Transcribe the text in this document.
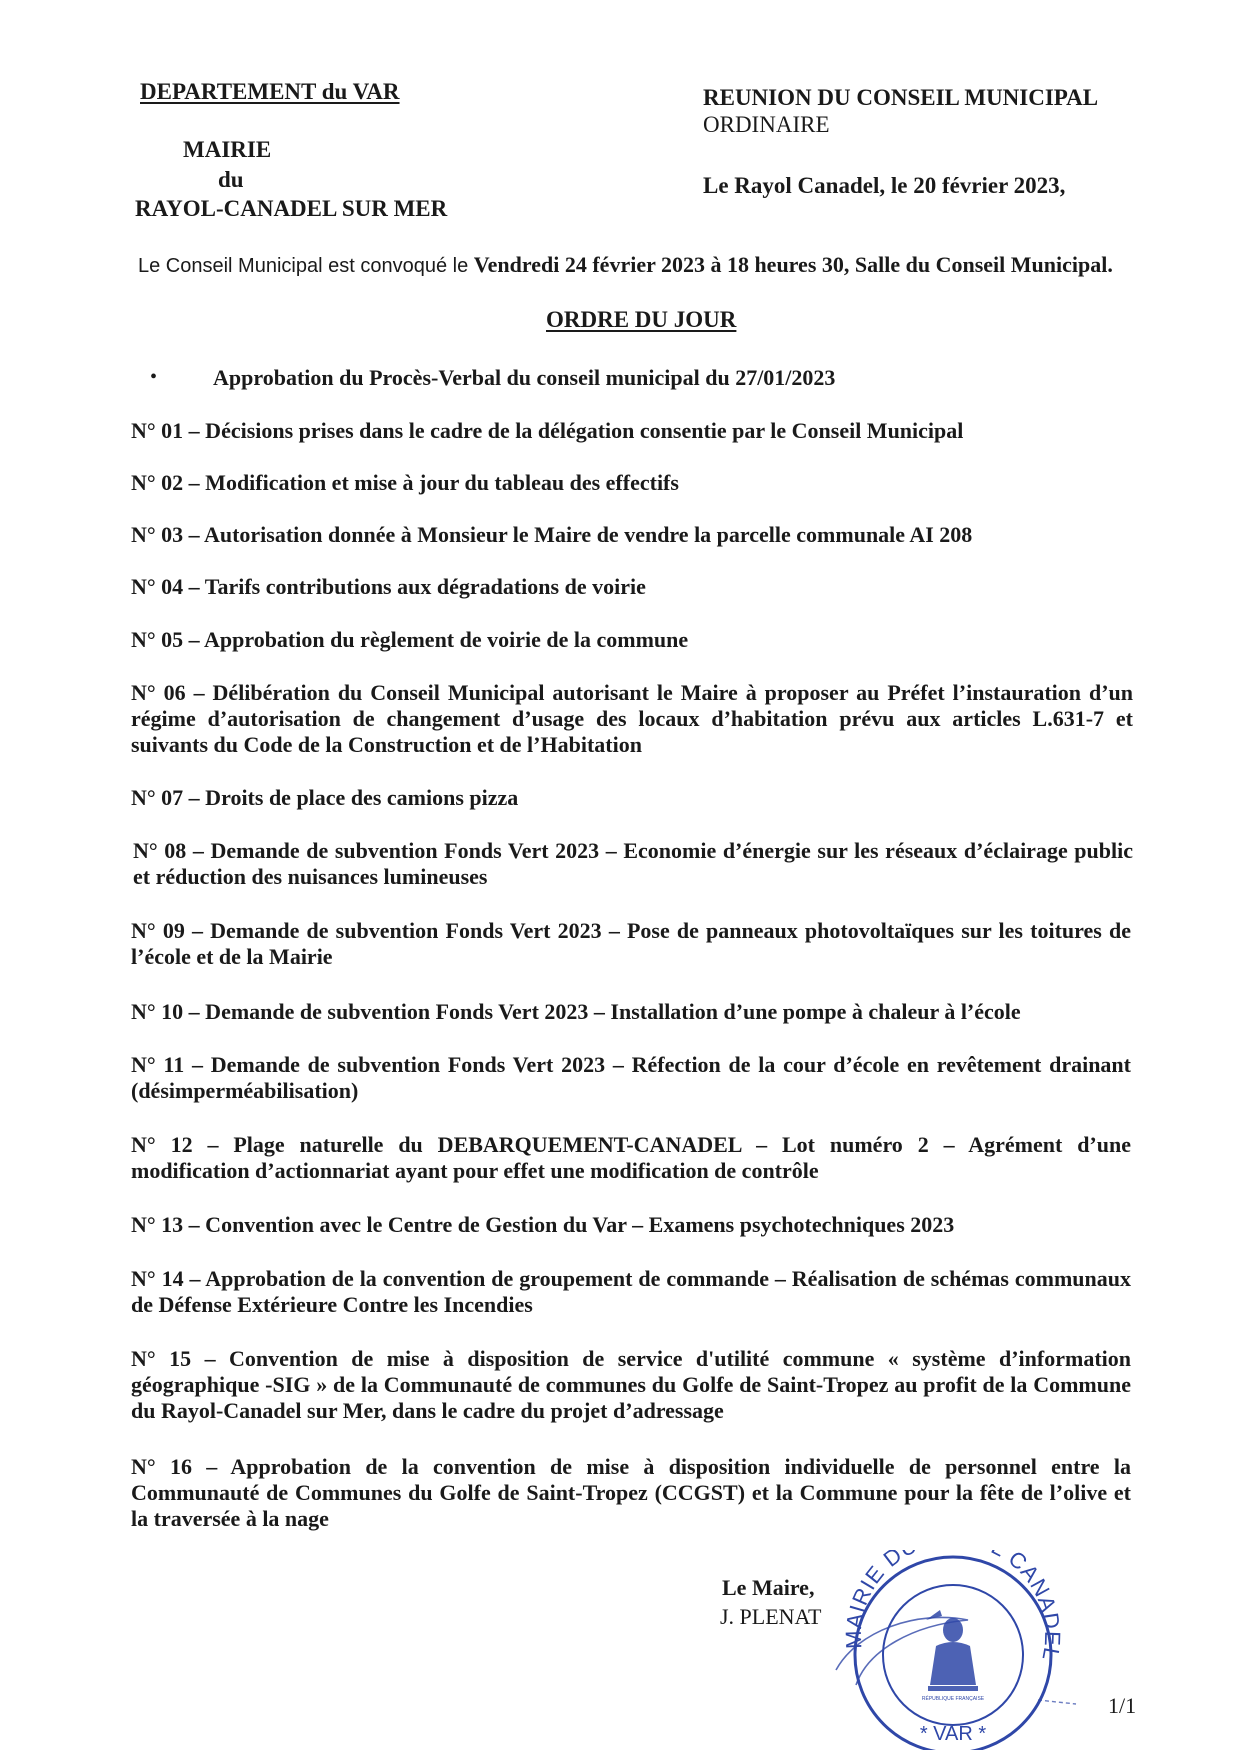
DEPARTEMENT du VAR
MAIRIE
du
RAYOL-CANADEL SUR MER
REUNION DU CONSEIL MUNICIPAL
ORDINAIRE
Le Rayol Canadel, le 20 février 2023,
Le Conseil Municipal est convoqué le Vendredi 24 février 2023 à 18 heures 30, Salle du Conseil Municipal.
ORDRE DU JOUR
•	Approbation du Procès-Verbal du conseil municipal du 27/01/2023
N° 01 – Décisions prises dans le cadre de la délégation consentie par le Conseil Municipal
N° 02 – Modification et mise à jour du tableau des effectifs
N° 03 – Autorisation donnée à Monsieur le Maire de vendre la parcelle communale AI 208
N° 04 – Tarifs contributions aux dégradations de voirie
N° 05 – Approbation du règlement de voirie de la commune
N° 06 – Délibération du Conseil Municipal autorisant le Maire à proposer au Préfet l’instauration d’un régime d’autorisation de changement d’usage des locaux d’habitation prévu aux articles L.631-7 et suivants du Code de la Construction et de l’Habitation
N° 07 – Droits de place des camions pizza
N° 08 – Demande de subvention Fonds Vert 2023 – Economie d’énergie sur les réseaux d’éclairage public et réduction des nuisances lumineuses
N° 09 – Demande de subvention Fonds Vert 2023 – Pose de panneaux photovoltaïques sur les toitures de l’école et de la Mairie
N° 10 – Demande de subvention Fonds Vert 2023 – Installation d’une pompe à chaleur à l’école
N° 11 – Demande de subvention Fonds Vert 2023 – Réfection de la cour d’école en revêtement drainant (désimperméabilisation)
N° 12 – Plage naturelle du DEBARQUEMENT-CANADEL – Lot numéro 2 – Agrément d’une modification d’actionnariat ayant pour effet une modification de contrôle
N° 13 – Convention avec le Centre de Gestion du Var – Examens psychotechniques 2023
N° 14 – Approbation de la convention de groupement de commande – Réalisation de schémas communaux de Défense Extérieure Contre les Incendies
N° 15 – Convention de mise à disposition de service d'utilité commune « système d’information géographique -SIG » de la Communauté de communes du Golfe de Saint-Tropez au profit de la Commune du Rayol-Canadel sur Mer, dans le cadre du projet d’adressage
N° 16 – Approbation de la convention de mise à disposition individuelle de personnel entre la Communauté de Communes du Golfe de Saint-Tropez (CCGST) et la Commune pour la fête de l’olive et la traversée à la nage
Le Maire,
J. PLENAT
MAIRIE D CANADEL
* VAR *
RÉPUBLIQUE FRANÇAISE	1/1
